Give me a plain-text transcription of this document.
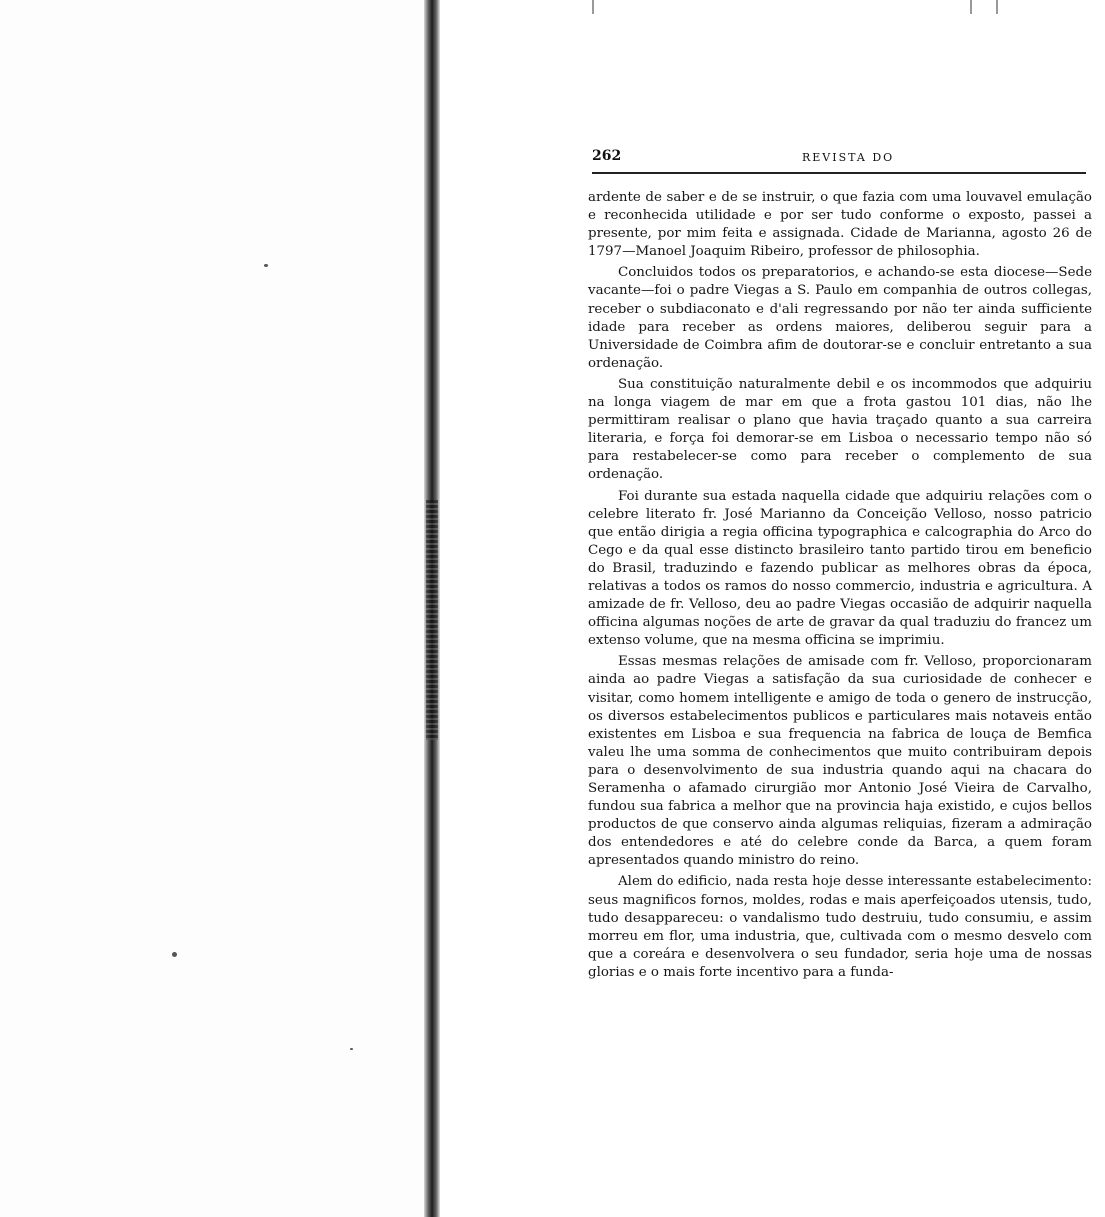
262	REVISTA DO

ardente de saber e de se instruir, o que fazia com uma louvavel emulação e reconhecida utilidade e por ser tudo conforme o exposto, passei a presente, por mim feita e assignada. Cidade de Marianna, agosto 26 de 1797—Manoel Joaquim Ribeiro, professor de philosophia.

Concluidos todos os preparatorios, e achando-se esta diocese—Sede vacante—foi o padre Viegas a S. Paulo em companhia de outros collegas, receber o subdiaconato e d'ali regressando por não ter ainda sufficiente idade para receber as ordens maiores, deliberou seguir para a Universidade de Coimbra afim de doutorar-se e concluir entretanto a sua ordenação.

Sua constituição naturalmente debil e os incommodos que adquiriu na longa viagem de mar em que a frota gastou 101 dias, não lhe permittiram realisar o plano que havia traçado quanto a sua carreira literaria, e força foi demorar-se em Lisboa o necessario tempo não só para restabelecer-se como para receber o complemento de sua ordenação.

Foi durante sua estada naquella cidade que adquiriu relações com o celebre literato fr. José Marianno da Conceição Velloso, nosso patricio que então dirigia a regia officina typographica e calcographia do Arco do Cego e da qual esse distincto brasileiro tanto partido tirou em beneficio do Brasil, traduzindo e fazendo publicar as melhores obras da época, relativas a todos os ramos do nosso commercio, industria e agricultura. A amizade de fr. Velloso, deu ao padre Viegas occasião de adquirir naquella officina algumas noções de arte de gravar da qual traduziu do francez um extenso volume, que na mesma officina se imprimiu.

Essas mesmas relações de amisade com fr. Velloso, proporcionaram ainda ao padre Viegas a satisfação da sua curiosidade de conhecer e visitar, como homem intelligente e amigo de toda o genero de instrucção, os diversos estabelecimentos publicos e particulares mais notaveis então existentes em Lisboa e sua frequencia na fabrica de louça de Bemfica valeu lhe uma somma de conhecimentos que muito contribuiram depois para o desenvolvimento de sua industria quando aqui na chacara do Seramenha o afamado cirurgião mor Antonio José Vieira de Carvalho, fundou sua fabrica a melhor que na provincia haja existido, e cujos bellos productos de que conservo ainda algumas reliquias, fizeram a admiração dos entendedores e até do celebre conde da Barca, a quem foram apresentados quando ministro do reino.

Alem do edificio, nada resta hoje desse interessante estabelecimento: seus magnificos fornos, moldes, rodas e mais aperfeiçoados utensis, tudo, tudo desappareceu: o vandalismo tudo destruiu, tudo consumiu, e assim morreu em flor, uma industria, que, cultivada com o mesmo desvelo com que a coreára e desenvolvera o seu fundador, seria hoje uma de nossas glorias e o mais forte incentivo para a funda-
